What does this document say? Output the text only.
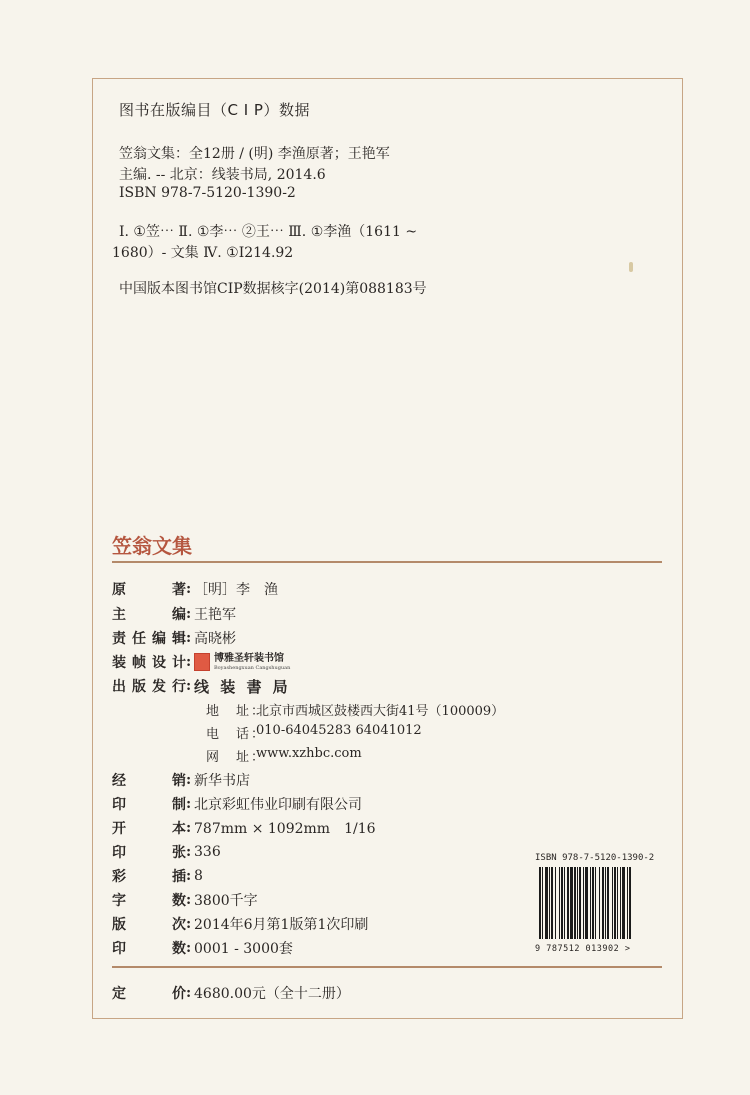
图书在版编目（C I P）数据
笠翁文集：全12册 / (明) 李渔原著；王艳军
主编. -- 北京：线装书局, 2014.6
ISBN 978-7-5120-1390-2
Ⅰ. ①笠⋯ Ⅱ. ①李⋯ ②王⋯ Ⅲ. ①李渔（1611 ~
1680）- 文集 Ⅳ. ①I214.92
中国版本图书馆CIP数据核字(2014)第088183号
笠翁文集
原著 : ［明］李　渔
主编 : 王艳军
责任编辑 : 高晓彬
装帧设计 : 博雅圣轩装书馆
Boyashengxuan Cangshuguan
出版发行 : 线 装 書 局
地　址：
北京市西城区鼓楼西大街41号（100009）
电　话：
010-64045283 64041012
网　址：
www.xzhbc.com
经销 : 新华书店
印制 : 北京彩虹伟业印刷有限公司
开本 : 787mm × 1092mm　1/16
印张 : 336
彩插 : 8
字数 : 3800千字
版次 : 2014年6月第1版第1次印刷
印数 : 0001 - 3000套
定价 : 4680.00元（全十二册）
ISBN 978-7-5120-1390-2
9 787512 013902 >
